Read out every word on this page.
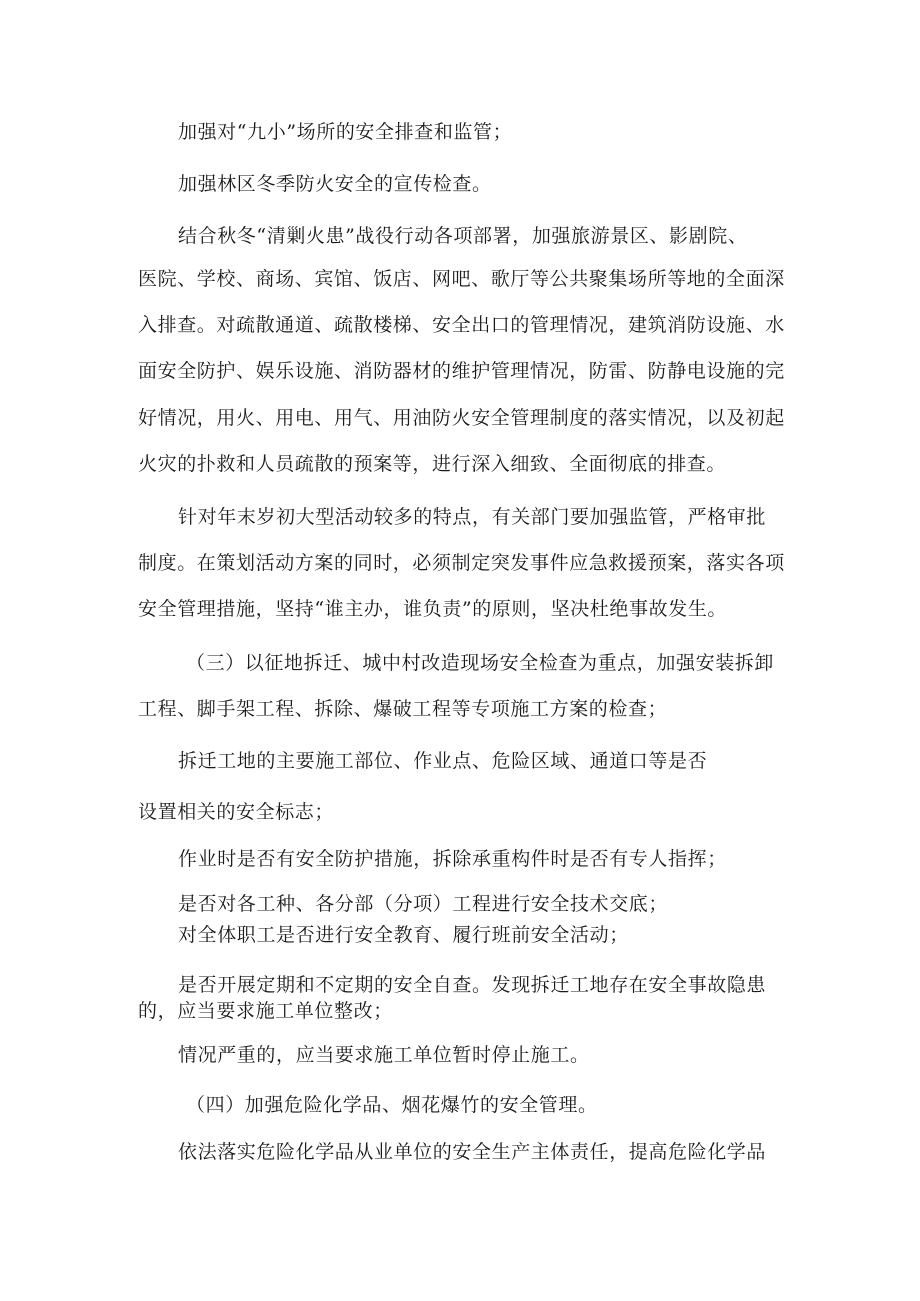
加强对“九小”场所的安全排查和监管；
加强林区冬季防火安全的宣传检查。
结合秋冬“清剿火患”战役行动各项部署，加强旅游景区、影剧院、
医院、学校、商场、宾馆、饭店、网吧、歌厅等公共聚集场所等地的全面深
入排查。对疏散通道、疏散楼梯、安全出口的管理情况，建筑消防设施、水
面安全防护、娱乐设施、消防器材的维护管理情况，防雷、防静电设施的完
好情况，用火、用电、用气、用油防火安全管理制度的落实情况，以及初起
火灾的扑救和人员疏散的预案等，进行深入细致、全面彻底的排查。
针对年末岁初大型活动较多的特点，有关部门要加强监管，严格审批
制度。在策划活动方案的同时，必须制定突发事件应急救援预案，落实各项
安全管理措施，坚持“谁主办，谁负责”的原则，坚决杜绝事故发生。
（三）以征地拆迁、城中村改造现场安全检查为重点，加强安装拆卸
工程、脚手架工程、拆除、爆破工程等专项施工方案的检查；
拆迁工地的主要施工部位、作业点、危险区域、通道口等是否
设置相关的安全标志；
作业时是否有安全防护措施，拆除承重构件时是否有专人指挥；
是否对各工种、各分部（分项）工程进行安全技术交底；
对全体职工是否进行安全教育、履行班前安全活动；
是否开展定期和不定期的安全自查。发现拆迁工地存在安全事故隐患
的，应当要求施工单位整改；
情况严重的，应当要求施工单位暂时停止施工。
（四）加强危险化学品、烟花爆竹的安全管理。
依法落实危险化学品从业单位的安全生产主体责任，提高危险化学品
